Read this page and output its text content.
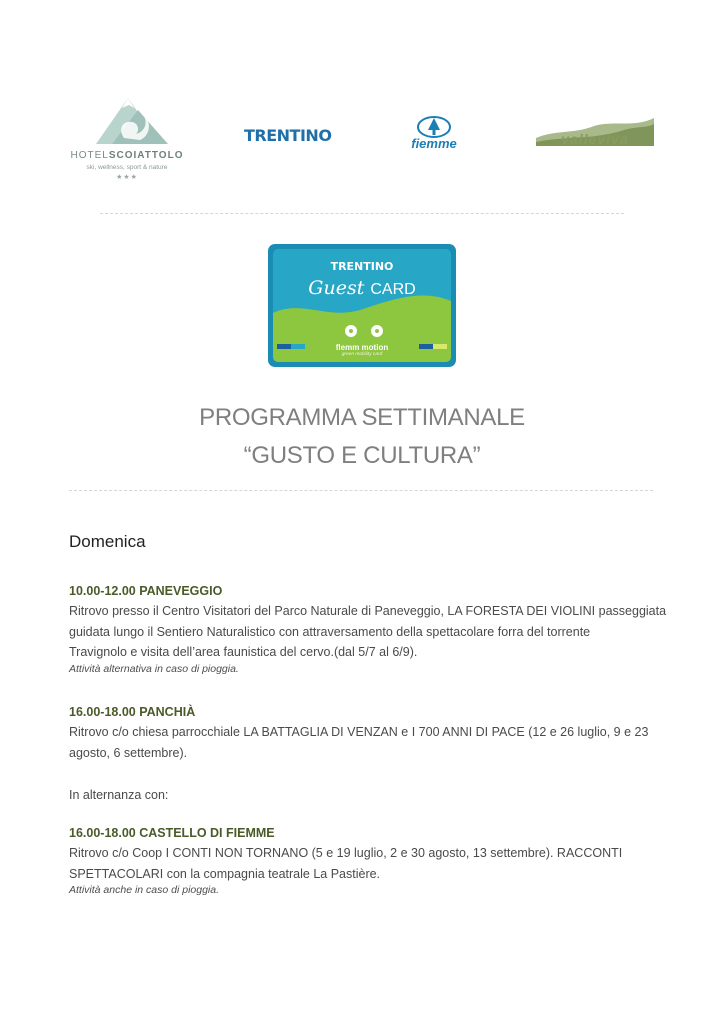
HOTELSCOIATTOLO
ski, wellness, sport & nature
★★★
TRENTINO	fiemme	valleviva
TRENTINO
Guest CARD
flemm motion
green mobility card
PROGRAMMA SETTIMANALE
“GUSTO E CULTURA”
Domenica
10.00-12.00 PANEVEGGIO
Ritrovo presso il Centro Visitatori del Parco Naturale di Paneveggio, LA FORESTA DEI VIOLINI passeggiata
guidata lungo il Sentiero Naturalistico con attraversamento della spettacolare forra del torrente
Travignolo e visita dell’area faunistica del cervo.(dal 5/7 al 6/9).
Attività alternativa in caso di pioggia.
16.00-18.00 PANCHIÀ
Ritrovo c/o chiesa parrocchiale LA BATTAGLIA DI VENZAN e I 700 ANNI DI PACE (12 e 26 luglio, 9 e 23
agosto, 6 settembre).
In alternanza con:
16.00-18.00 CASTELLO DI FIEMME
Ritrovo c/o Coop I CONTI NON TORNANO (5 e 19 luglio, 2 e 30 agosto, 13 settembre). RACCONTI
SPETTACOLARI con la compagnia teatrale La Pastière.
Attività anche in caso di pioggia.
